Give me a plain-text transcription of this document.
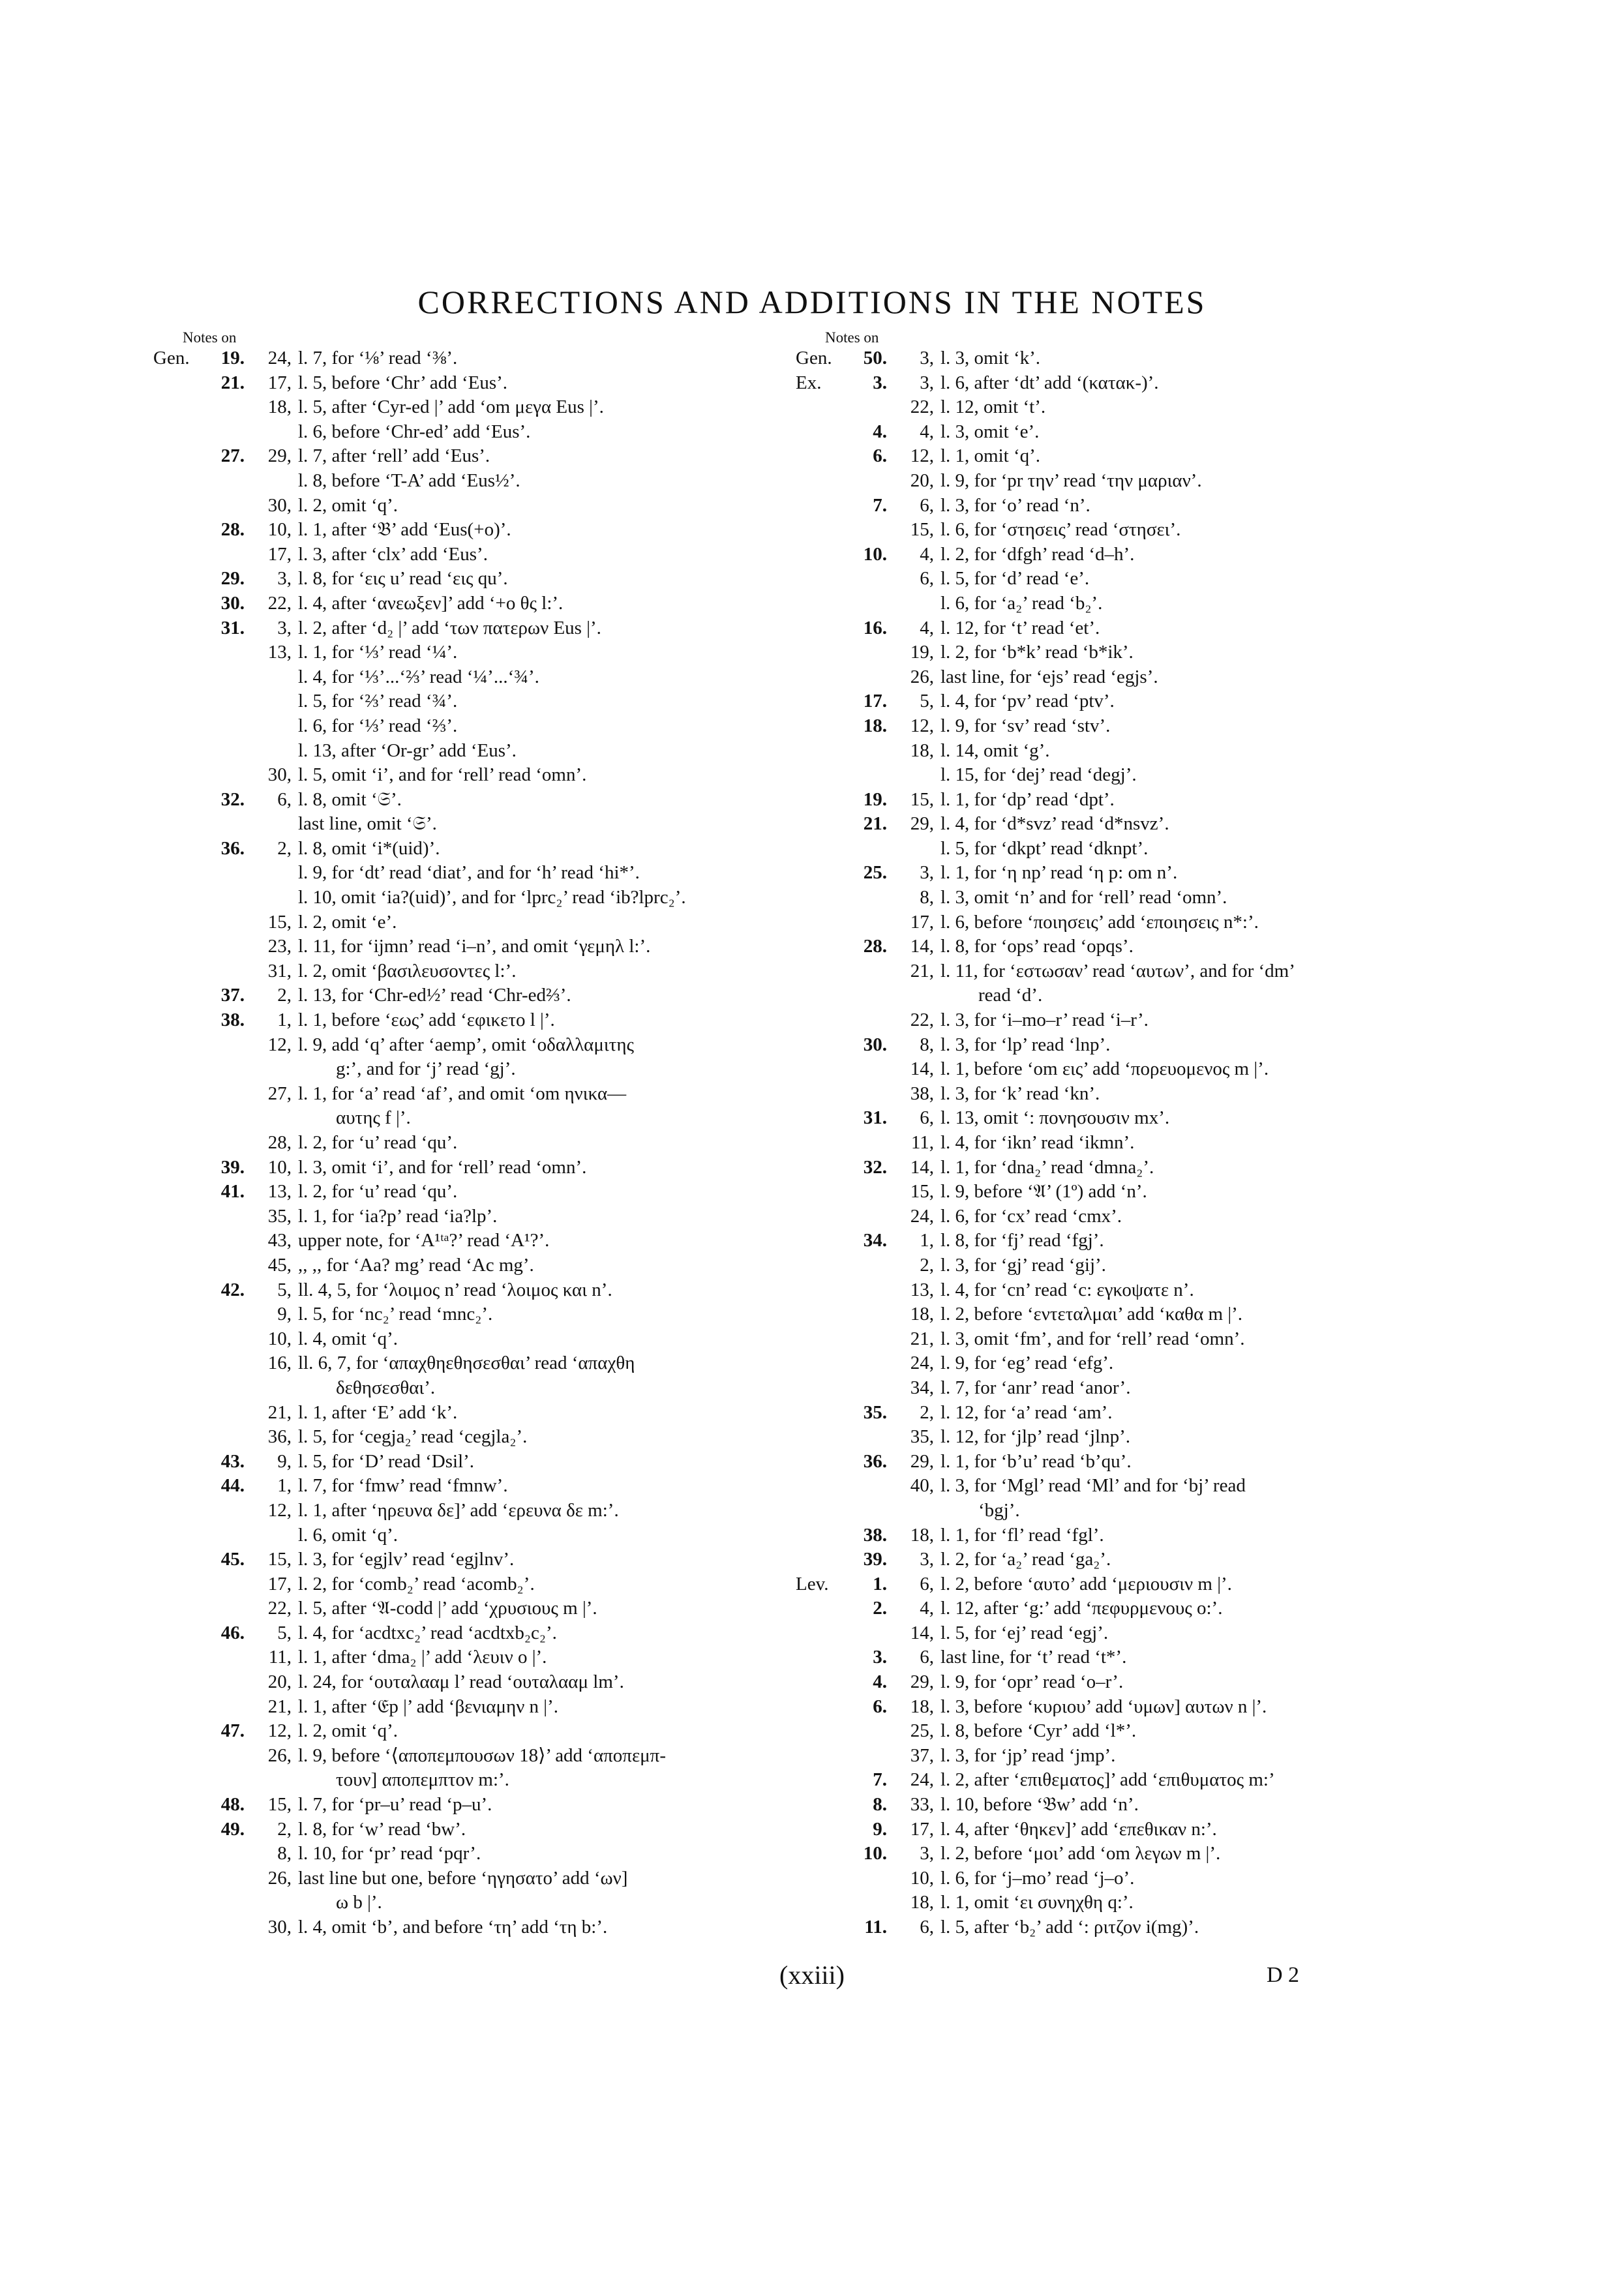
CORRECTIONS AND ADDITIONS IN THE NOTES
Notes on
Gen.	19.	24, l. 7, for ‘⅛’ read ‘⅜’.
21.	17, l. 5, before ‘Chr’ add ‘Eus’.
18, l. 5, after ‘Cyr-ed |’ add ‘om μεγα Eus |’.
l. 6, before ‘Chr-ed’ add ‘Eus’.
27.	29, l. 7, after ‘rell’ add ‘Eus’.
l. 8, before ‘T-A’ add ‘Eus½’.
30, l. 2, omit ‘q’.
28.	10, l. 1, after ‘𝔅’ add ‘Eus(+o)’.
17, l. 3, after ‘clx’ add ‘Eus’.
29.	3, l. 8, for ‘εις u’ read ‘εις qu’.
30.	22, l. 4, after ‘ανεωξεν]’ add ‘+ο θς l:’.
31.	3, l. 2, after ‘d₂ |’ add ‘των πατερων Eus |’.
13, l. 1, for ‘⅓’ read ‘¼’.
l. 4, for ‘⅓’...‘⅔’ read ‘¼’...‘¾’.
l. 5, for ‘⅔’ read ‘¾’.
l. 6, for ‘⅓’ read ‘⅔’.
l. 13, after ‘Or-gr’ add ‘Eus’.
30, l. 5, omit ‘i’, and for ‘rell’ read ‘omn’.
32.	6, l. 8, omit ‘𝔖’.
last line, omit ‘𝔖’.
36.	2, l. 8, omit ‘i*(uid)’.
l. 9, for ‘dt’ read ‘diat’, and for ‘h’ read ‘hi*’.
l. 10, omit ‘ia?(uid)’, and for ‘lprc₂’ read ‘ib?lprc₂’.
15, l. 2, omit ‘e’.
23, l. 11, for ‘ijmn’ read ‘i–n’, and omit ‘γεμηλ l:’.
31, l. 2, omit ‘βασιλευσοντες l:’.
37.	2, l. 13, for ‘Chr-ed½’ read ‘Chr-ed⅔’.
38.	1, l. 1, before ‘εως’ add ‘εφικετο l |’.
12, l. 9, add ‘q’ after ‘aemp’, omit ‘οδαλλαμιτης
g:’, and for ‘j’ read ‘gj’.
27, l. 1, for ‘a’ read ‘af’, and omit ‘om ηνικα—
αυτης f |’.
28, l. 2, for ‘u’ read ‘qu’.
39.	10, l. 3, omit ‘i’, and for ‘rell’ read ‘omn’.
41.	13, l. 2, for ‘u’ read ‘qu’.
35, l. 1, for ‘ia?p’ read ‘ia?lp’.
43, upper note, for ‘A¹ᵗᵃ?’ read ‘A¹?’.
45, ,, ,, for ‘Aa? mg’ read ‘Ac mg’.
42.	5, ll. 4, 5, for ‘λοιμος n’ read ‘λοιμος και n’.
9, l. 5, for ‘nc₂’ read ‘mnc₂’.
10, l. 4, omit ‘q’.
16, ll. 6, 7, for ‘απαχθηεθησεσθαι’ read ‘απαχθη
δεθησεσθαι’.
21, l. 1, after ‘E’ add ‘k’.
36, l. 5, for ‘cegja₂’ read ‘cegjla₂’.
43.	9, l. 5, for ‘D’ read ‘Dsil’.
44.	1, l. 7, for ‘fmw’ read ‘fmnw’.
12, l. 1, after ‘ηρευνα δε]’ add ‘ερευνα δε m:’.
l. 6, omit ‘q’.
45.	15, l. 3, for ‘egjlv’ read ‘egjlnv’.
17, l. 2, for ‘comb₂’ read ‘acomb₂’.
22, l. 5, after ‘𝔄-codd |’ add ‘χρυσιους m |’.
46.	5, l. 4, for ‘acdtxc₂’ read ‘acdtxb₂c₂’.
11, l. 1, after ‘dma₂ |’ add ‘λευιν o |’.
20, l. 24, for ‘ουταλααμ l’ read ‘ουταλααμ lm’.
21, l. 1, after ‘𝔈p |’ add ‘βενιαμην n |’.
47.	12, l. 2, omit ‘q’.
26, l. 9, before ‘⟨αποπεμπουσων 18⟩’ add ‘αποπεμπ-
τουν] αποπεμπτον m:’.
48.	15, l. 7, for ‘pr–u’ read ‘p–u’.
49.	2, l. 8, for ‘w’ read ‘bw’.
8, l. 10, for ‘pr’ read ‘pqr’.
26, last line but one, before ‘ηγησατο’ add ‘ων]
ω b |’.
30, l. 4, omit ‘b’, and before ‘τη’ add ‘τη b:’.
Notes on
Gen.	50.	3, l. 3, omit ‘k’.
Ex.	3.	3, l. 6, after ‘dt’ add ‘(κατακ-)’.
22, l. 12, omit ‘t’.
4.	4, l. 3, omit ‘e’.
6.	12, l. 1, omit ‘q’.
20, l. 9, for ‘pr την’ read ‘την μαριαν’.
7.	6, l. 3, for ‘o’ read ‘n’.
15, l. 6, for ‘στησεις’ read ‘στησει’.
10.	4, l. 2, for ‘dfgh’ read ‘d–h’.
6, l. 5, for ‘d’ read ‘e’.
l. 6, for ‘a₂’ read ‘b₂’.
16.	4, l. 12, for ‘t’ read ‘et’.
19, l. 2, for ‘b*k’ read ‘b*ik’.
26, last line, for ‘ejs’ read ‘egjs’.
17.	5, l. 4, for ‘pv’ read ‘ptv’.
18.	12, l. 9, for ‘sv’ read ‘stv’.
18, l. 14, omit ‘g’.
l. 15, for ‘dej’ read ‘degj’.
19.	15, l. 1, for ‘dp’ read ‘dpt’.
21.	29, l. 4, for ‘d*svz’ read ‘d*nsvz’.
l. 5, for ‘dkpt’ read ‘dknpt’.
25.	3, l. 1, for ‘η np’ read ‘η p: om n’.
8, l. 3, omit ‘n’ and for ‘rell’ read ‘omn’.
17, l. 6, before ‘ποιησεις’ add ‘εποιησεις n*:’.
28.	14, l. 8, for ‘ops’ read ‘opqs’.
21, l. 11, for ‘εστωσαν’ read ‘αυτων’, and for ‘dm’
read ‘d’.
22, l. 3, for ‘i–mo–r’ read ‘i–r’.
30.	8, l. 3, for ‘lp’ read ‘lnp’.
14, l. 1, before ‘om εις’ add ‘πορευομενος m |’.
38, l. 3, for ‘k’ read ‘kn’.
31.	6, l. 13, omit ‘: πονησουσιν mx’.
11, l. 4, for ‘ikn’ read ‘ikmn’.
32.	14, l. 1, for ‘dna₂’ read ‘dmna₂’.
15, l. 9, before ‘𝔄’ (1º) add ‘n’.
24, l. 6, for ‘cx’ read ‘cmx’.
34.	1, l. 8, for ‘fj’ read ‘fgj’.
2, l. 3, for ‘gj’ read ‘gij’.
13, l. 4, for ‘cn’ read ‘c: εγκοψατε n’.
18, l. 2, before ‘εντεταλμαι’ add ‘καθα m |’.
21, l. 3, omit ‘fm’, and for ‘rell’ read ‘omn’.
24, l. 9, for ‘eg’ read ‘efg’.
34, l. 7, for ‘anr’ read ‘anor’.
35.	2, l. 12, for ‘a’ read ‘am’.
35, l. 12, for ‘jlp’ read ‘jlnp’.
36.	29, l. 1, for ‘b’u’ read ‘b’qu’.
40, l. 3, for ‘Mgl’ read ‘Ml’ and for ‘bj’ read
‘bgj’.
38.	18, l. 1, for ‘fl’ read ‘fgl’.
39.	3, l. 2, for ‘a₂’ read ‘ga₂’.
Lev.	1.	6, l. 2, before ‘αυτο’ add ‘μεριουσιν m |’.
2.	4, l. 12, after ‘g:’ add ‘πεφυρμενους o:’.
14, l. 5, for ‘ej’ read ‘egj’.
3.	6, last line, for ‘t’ read ‘t*’.
4.	29, l. 9, for ‘opr’ read ‘o–r’.
6.	18, l. 3, before ‘κυριου’ add ‘υμων] αυτων n |’.
25, l. 8, before ‘Cyr’ add ‘l*’.
37, l. 3, for ‘jp’ read ‘jmp’.
7.	24, l. 2, after ‘επιθεματος]’ add ‘επιθυματος m:’
8.	33, l. 10, before ‘𝔅w’ add ‘n’.
9.	17, l. 4, after ‘θηκεν]’ add ‘επεθικαν n:’.
10.	3, l. 2, before ‘μοι’ add ‘om λεγων m |’.
10, l. 6, for ‘j–mo’ read ‘j–o’.
18, l. 1, omit ‘ει συνηχθη q:’.
11.	6, l. 5, after ‘b₂’ add ‘: ριτζον i(mg)’.
(xxiii)	D 2
